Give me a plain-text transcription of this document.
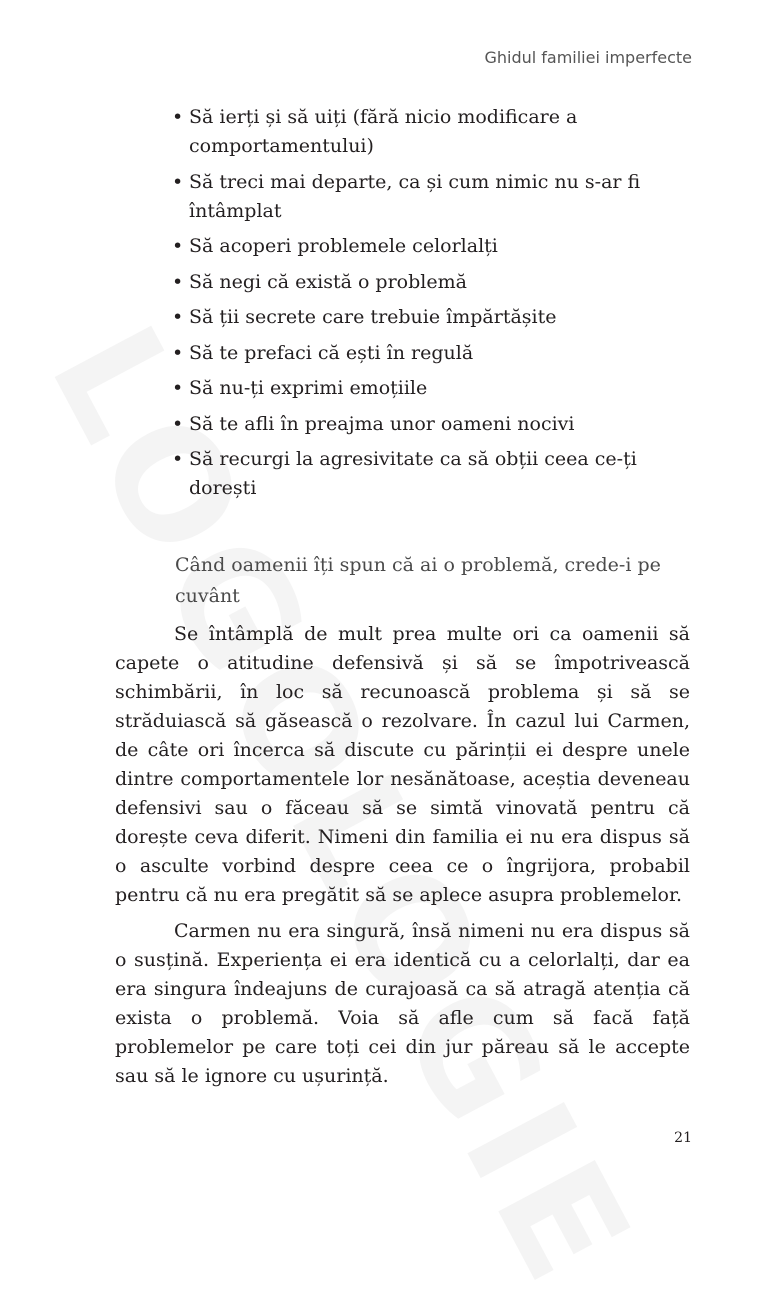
Ghidul familiei imperfecte
• Să ierți și să uiți (fără nicio modificare a comportamentului)
• Să treci mai departe, ca și cum nimic nu s-ar fi întâmplat
• Să acoperi problemele celorlalți
• Să negi că există o problemă
• Să ții secrete care trebuie împărtășite
• Să te prefaci că ești în regulă
• Să nu-ți exprimi emoțiile
• Să te afli în preajma unor oameni nocivi
• Să recurgi la agresivitate ca să obții ceea ce-ți dorești
Când oamenii îți spun că ai o problemă, crede-i pe cuvânt

Se întâmplă de mult prea multe ori ca oamenii să capete o atitudine defensivă și să se împotrivească schimbării, în loc să recunoască problema și să se străduiască să găsească o rezolvare. În cazul lui Carmen, de câte ori încerca să discute cu părinții ei despre unele dintre comportamentele lor nesănătoase, aceștia deveneau defensivi sau o făceau să se simtă vinovată pentru că dorește ceva diferit. Nimeni din familia ei nu era dispus să o asculte vorbind despre ceea ce o îngrijora, probabil pentru că nu era pregătit să se aplece asupra problemelor.

Carmen nu era singură, însă nimeni nu era dispus să o susțină. Experiența ei era identică cu a celorlalți, dar ea era singura îndeajuns de curajoasă ca să atragă atenția că exista o problemă. Voia să afle cum să facă față problemelor pe care toți cei din jur păreau să le accepte sau să le ignore cu ușurință.

21
